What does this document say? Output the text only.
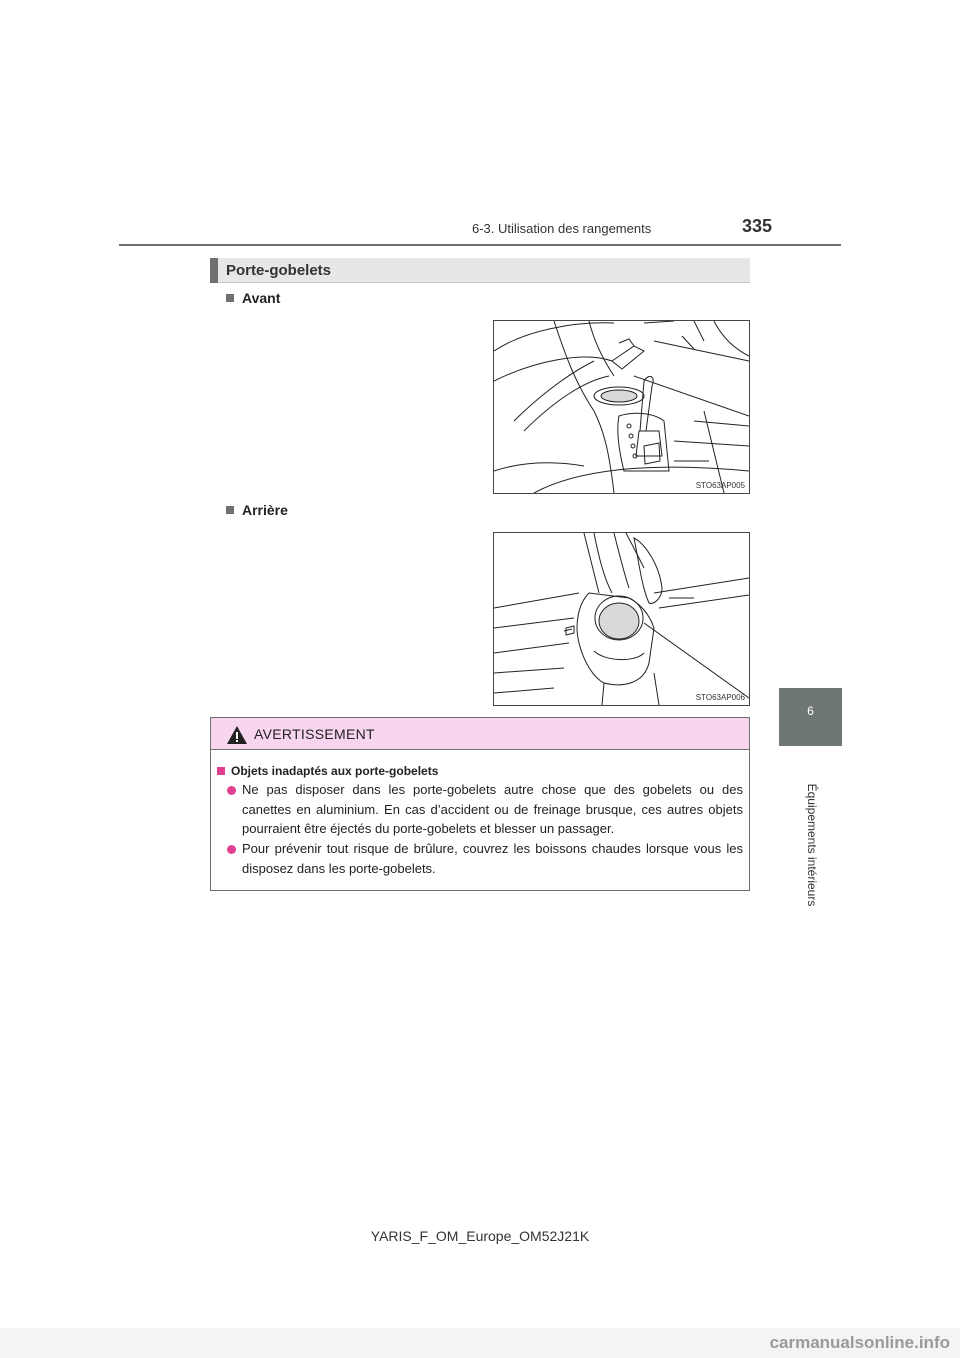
6-3. Utilisation des rangements	335
6
Équipements intérieurs
Porte-gobelets
Avant
STO63AP005
Arrière
STO63AP006
AVERTISSEMENT
Objets inadaptés aux porte-gobelets
Ne pas disposer dans les porte-gobelets autre chose que des gobelets ou des canettes en aluminium. En cas d’accident ou de freinage brusque, ces autres objets pourraient être éjectés du porte-gobelets et blesser un passager.
Pour prévenir tout risque de brûlure, couvrez les boissons chaudes lorsque vous les disposez dans les porte-gobelets.
YARIS_F_OM_Europe_OM52J21K
carmanualsonline.info
